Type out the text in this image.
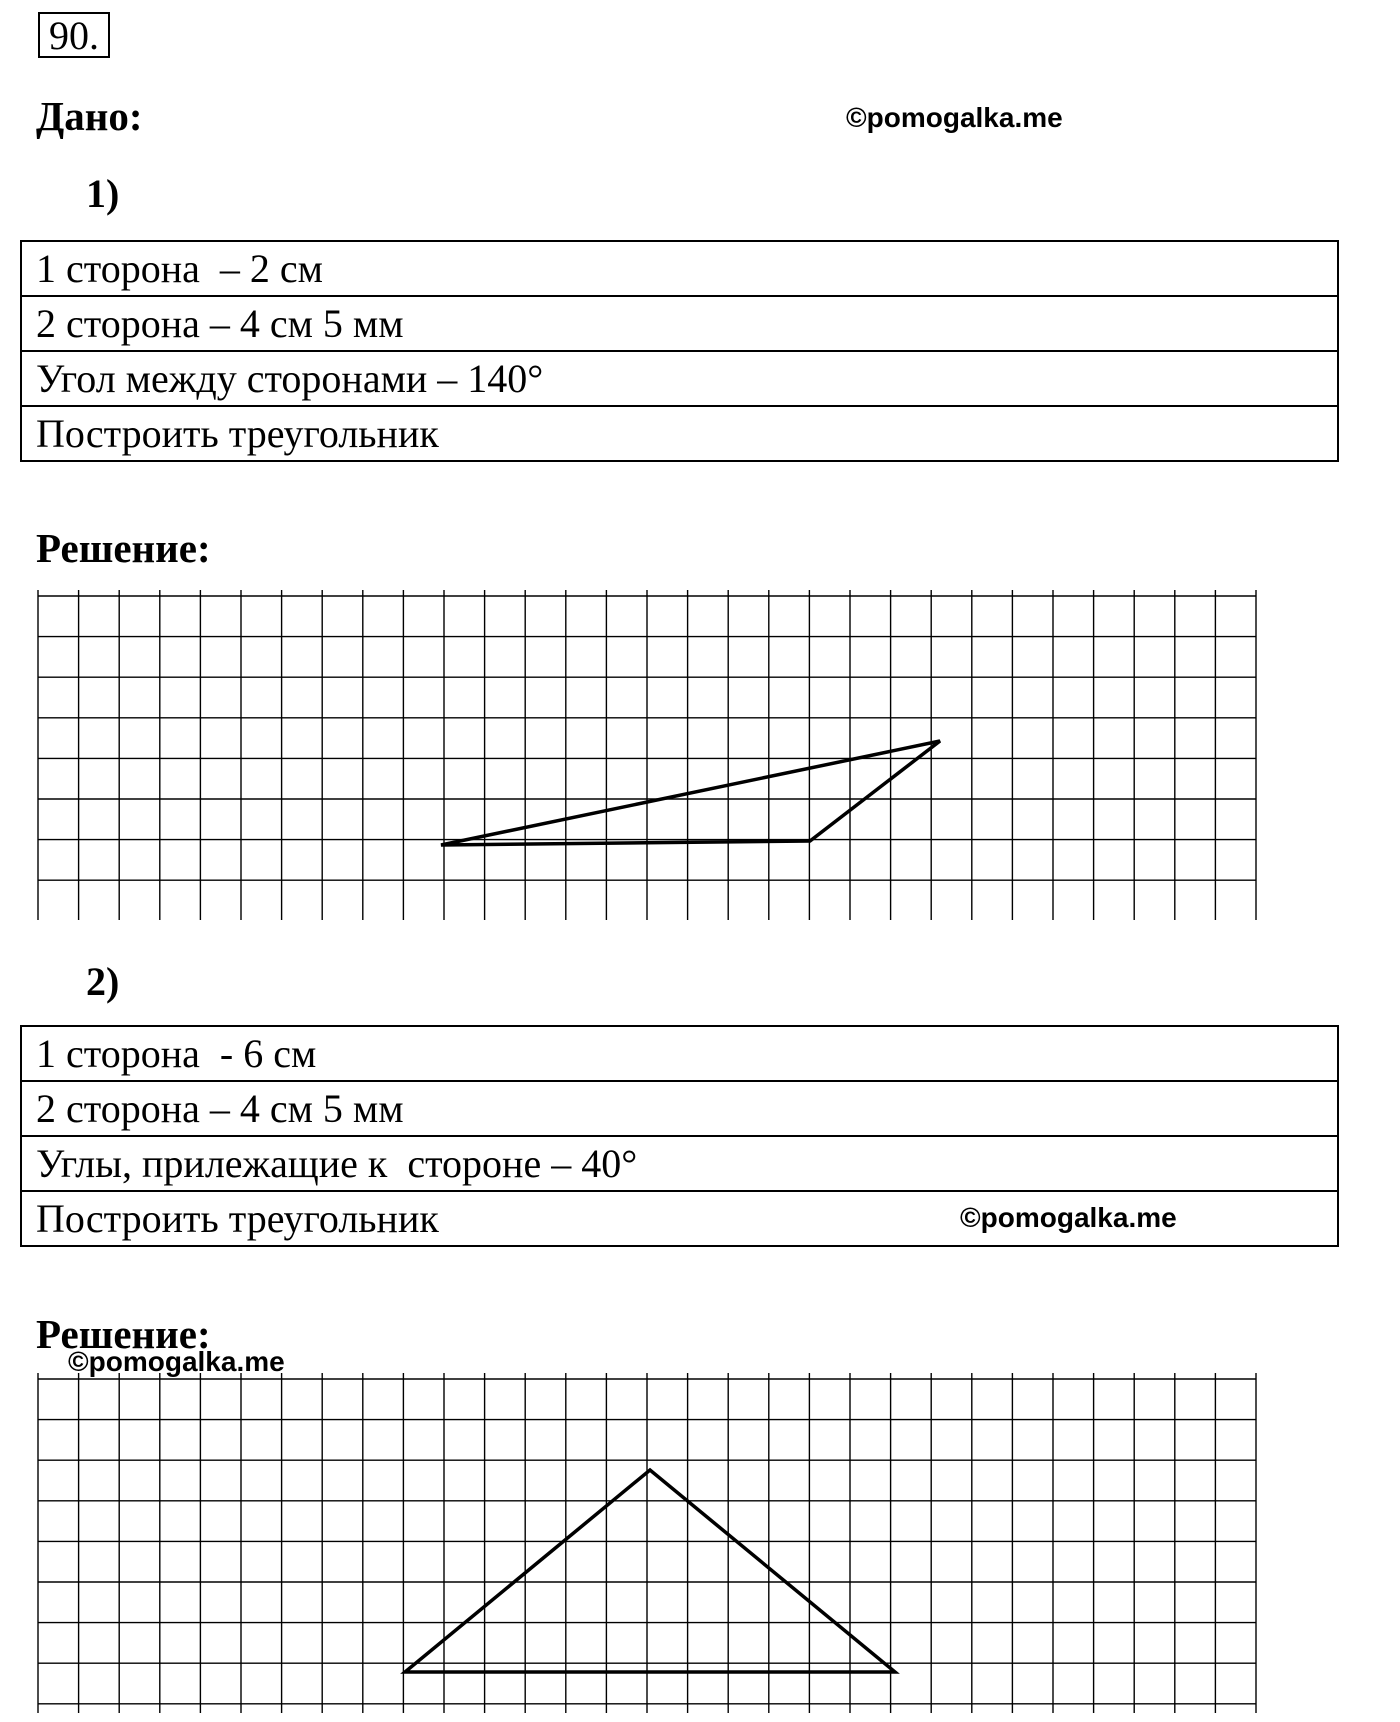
90.
Дано:	©pomogalka.me
1)
1 сторона  – 2 см
2 сторона – 4 см 5 мм
Угол между сторонами – 140°
Построить треугольник
Решение:
2)
1 сторона  - 6 см
2 сторона – 4 см 5 мм
Углы, прилежащие к  стороне – 40°
Построить треугольник	©pomogalka.me
Решение:
©pomogalka.me
